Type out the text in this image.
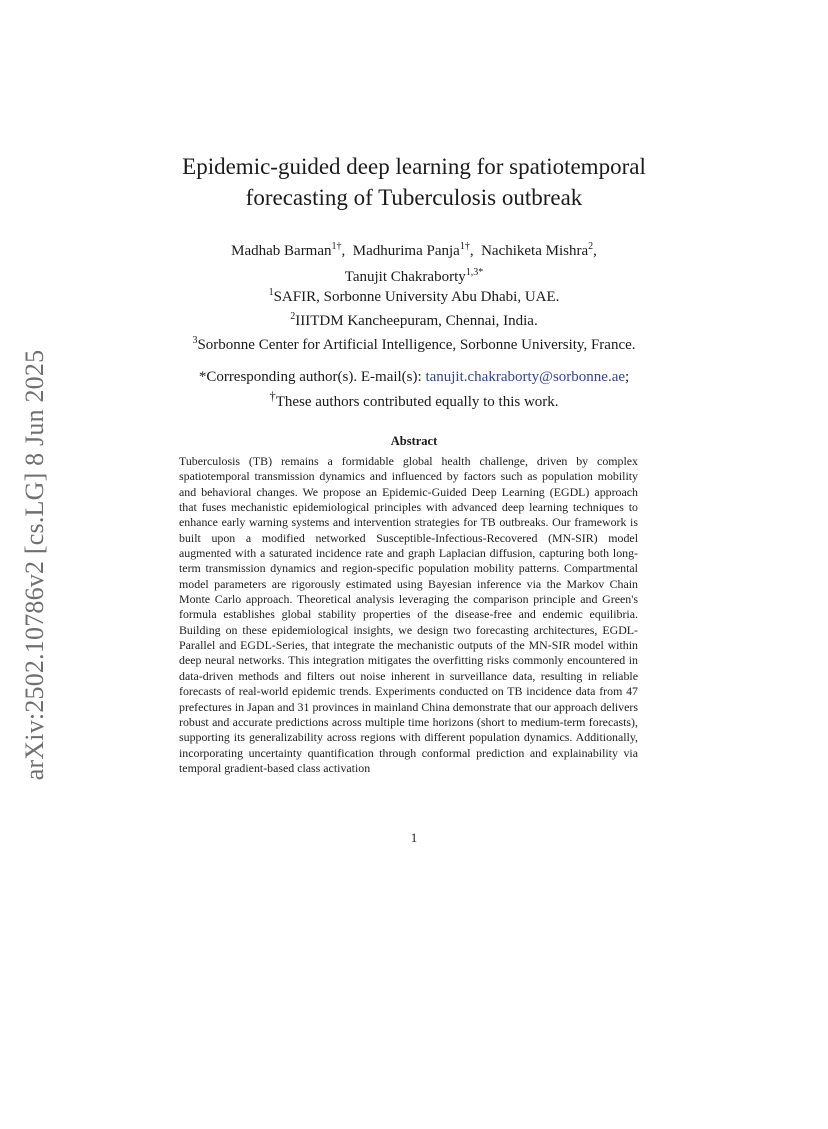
arXiv:2502.10786v2 [cs.LG] 8 Jun 2025
Epidemic-guided deep learning for spatiotemporal
forecasting of Tuberculosis outbreak
Madhab Barman$^{1\dagger}$,  Madhurima Panja$^{1\dagger}$,  Nachiketa Mishra$^2$,
Tanujit Chakraborty$^{1,3*}$
$^1$SAFIR, Sorbonne University Abu Dhabi, UAE.
$^2$IIITDM Kancheepuram, Chennai, India.
$^3$Sorbonne Center for Artificial Intelligence, Sorbonne University, France.
*Corresponding author(s). E-mail(s): tanujit.chakraborty@sorbonne.ae;
†These authors contributed equally to this work.
Abstract
Tuberculosis (TB) remains a formidable global health challenge, driven by complex spatiotemporal transmission dynamics and influenced by factors such as population mobility and behavioral changes. We propose an Epidemic-Guided Deep Learning (EGDL) approach that fuses mechanistic epidemiological principles with advanced deep learning techniques to enhance early warning systems and intervention strategies for TB outbreaks. Our framework is built upon a modified networked Susceptible-Infectious-Recovered (MN-SIR) model augmented with a saturated incidence rate and graph Laplacian diffusion, capturing both long-term transmission dynamics and region-specific population mobility patterns. Compartmental model parameters are rigorously estimated using Bayesian inference via the Markov Chain Monte Carlo approach. Theoretical analysis leveraging the comparison principle and Green's formula establishes global stability properties of the disease-free and endemic equilibria. Building on these epidemiological insights, we design two forecasting architectures, EGDL-Parallel and EGDL-Series, that integrate the mechanistic outputs of the MN-SIR model within deep neural networks. This integration mitigates the overfitting risks commonly encountered in data-driven methods and filters out noise inherent in surveillance data, resulting in reliable forecasts of real-world epidemic trends. Experiments conducted on TB incidence data from 47 prefectures in Japan and 31 provinces in mainland China demonstrate that our approach delivers robust and accurate predictions across multiple time horizons (short to medium-term forecasts), supporting its generalizability across regions with different population dynamics. Additionally, incorporating uncertainty quantification through conformal prediction and explainability via temporal gradient-based class activation
1
